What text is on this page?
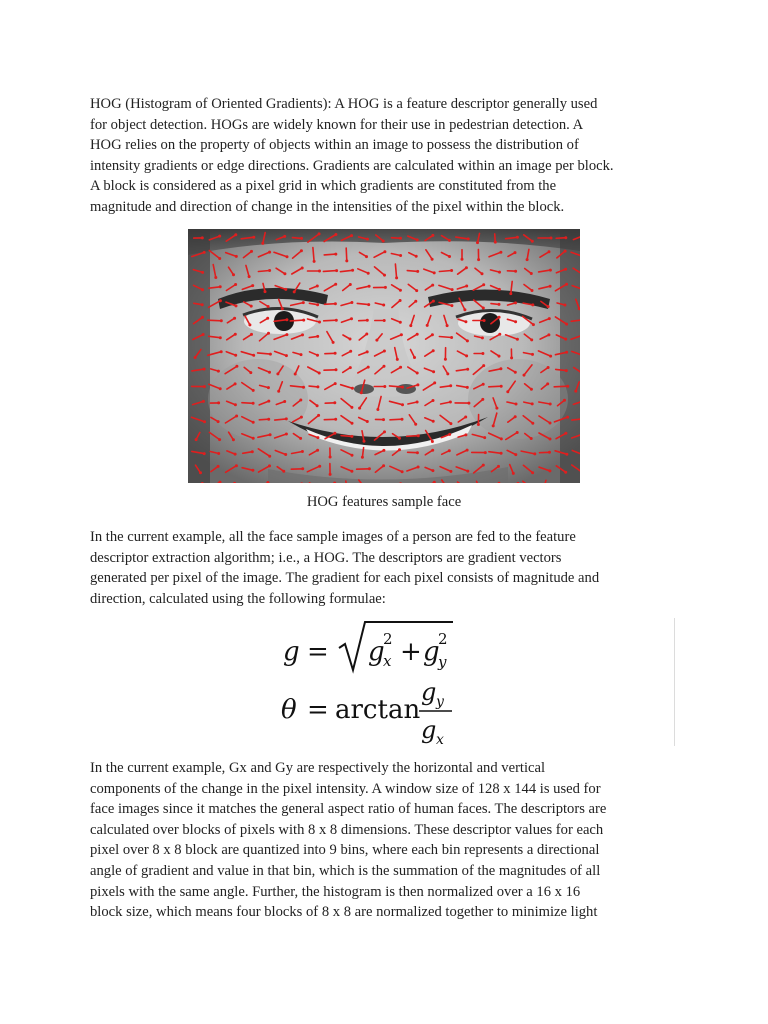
HOG (Histogram of Oriented Gradients): A HOG is a feature descriptor generally used
for object detection. HOGs are widely known for their use in pedestrian detection. A
HOG relies on the property of objects within an image to possess the distribution of
intensity gradients or edge directions. Gradients are calculated within an image per block.
A block is considered as a pixel grid in which gradients are constituted from the
magnitude and direction of change in the intensities of the pixel within the block.

HOG features sample face

In the current example, all the face sample images of a person are fed to the feature
descriptor extraction algorithm; i.e., a HOG. The descriptors are gradient vectors
generated per pixel of the image. The gradient for each pixel consists of magnitude and
direction, calculated using the following formulae:

g = g
x
2 + g
y
2
θ = arctan
g y
g x

In the current example, Gx and Gy are respectively the horizontal and vertical
components of the change in the pixel intensity. A window size of 128 x 144 is used for
face images since it matches the general aspect ratio of human faces. The descriptors are
calculated over blocks of pixels with 8 x 8 dimensions. These descriptor values for each
pixel over 8 x 8 block are quantized into 9 bins, where each bin represents a directional
angle of gradient and value in that bin, which is the summation of the magnitudes of all
pixels with the same angle. Further, the histogram is then normalized over a 16 x 16
block size, which means four blocks of 8 x 8 are normalized together to minimize light
